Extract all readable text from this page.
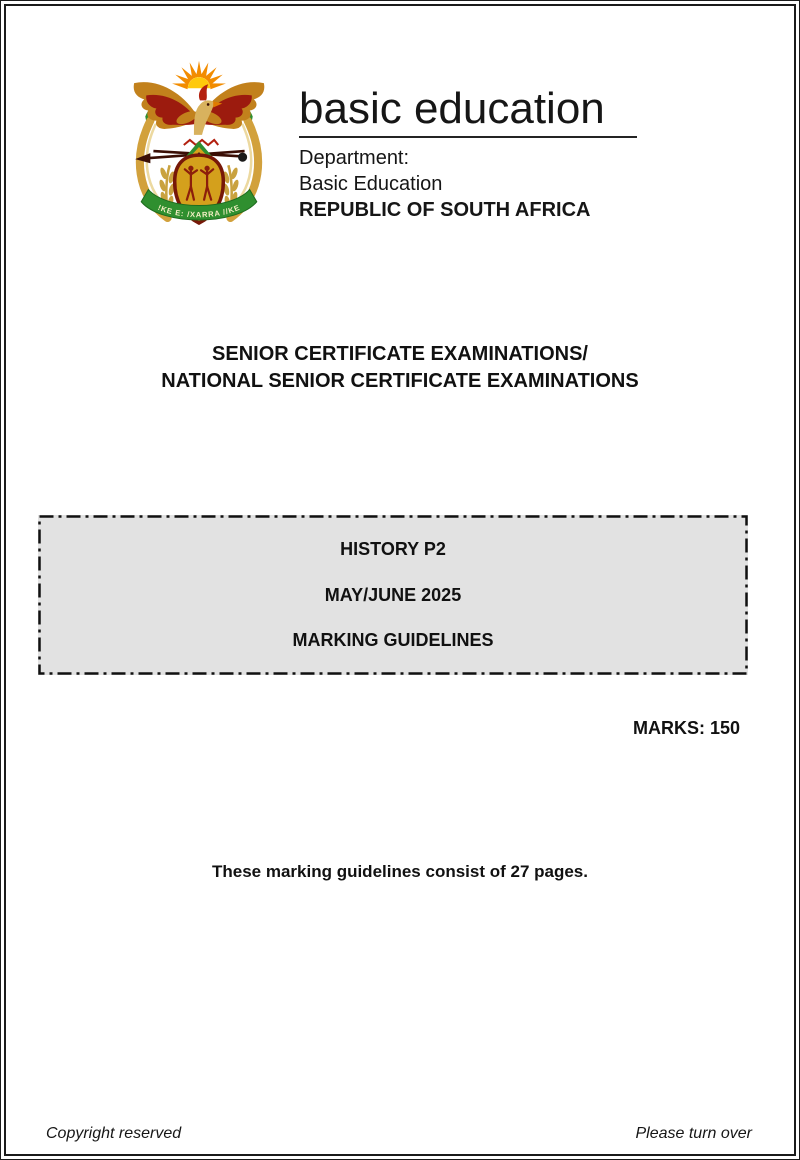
!KE E: /XARRA //KE
basic education
Department:
Basic Education
REPUBLIC OF SOUTH AFRICA
SENIOR CERTIFICATE EXAMINATIONS/
NATIONAL SENIOR CERTIFICATE EXAMINATIONS
HISTORY P2
MAY/JUNE 2025
MARKING GUIDELINES
MARKS: 150
These marking guidelines consist of 27 pages.
Copyright reserved	Please turn over
